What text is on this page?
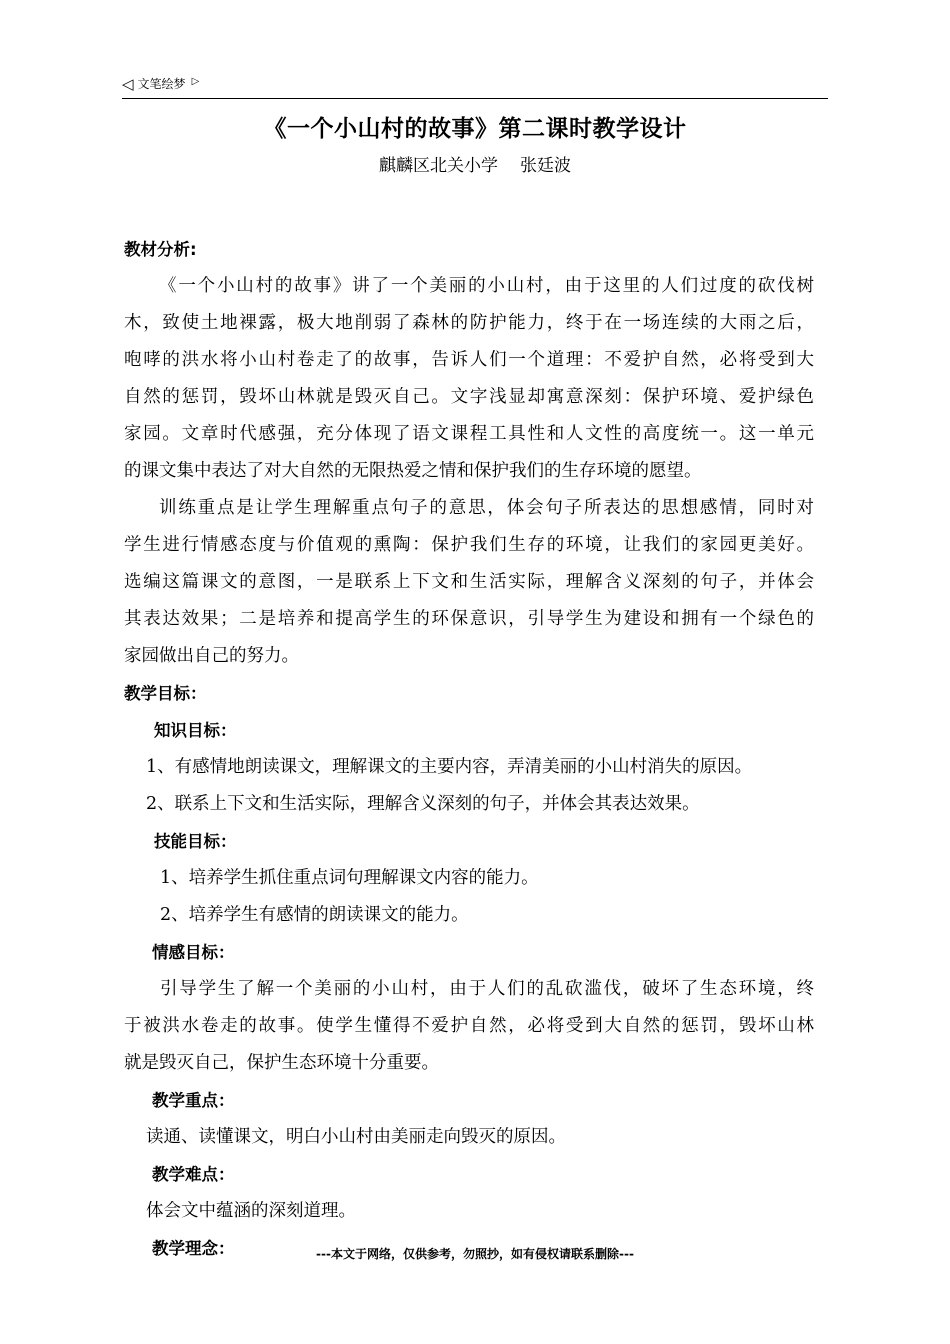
◁ 文笔绘梦 ▷
《一个小山村的故事》第二课时教学设计
麒麟区北关小学 张廷波
教材分析:
《一个小山村的故事》讲了一个美丽的小山村，由于这里的人们过度的砍伐树
木，致使土地裸露，极大地削弱了森林的防护能力，终于在一场连续的大雨之后，
咆哮的洪水将小山村卷走了的故事，告诉人们一个道理：不爱护自然，必将受到大
自然的惩罚，毁坏山林就是毁灭自己。文字浅显却寓意深刻：保护环境、爱护绿色
家园。文章时代感强，充分体现了语文课程工具性和人文性的高度统一。这一单元
的课文集中表达了对大自然的无限热爱之情和保护我们的生存环境的愿望。
训练重点是让学生理解重点句子的意思，体会句子所表达的思想感情，同时对
学生进行情感态度与价值观的熏陶：保护我们生存的环境，让我们的家园更美好。
选编这篇课文的意图，一是联系上下文和生活实际，理解含义深刻的句子，并体会
其表达效果；二是培养和提高学生的环保意识，引导学生为建设和拥有一个绿色的
家园做出自己的努力。
教学目标：
知识目标：
1、有感情地朗读课文，理解课文的主要内容，弄清美丽的小山村消失的原因。
2、联系上下文和生活实际，理解含义深刻的句子，并体会其表达效果。
技能目标：
1、培养学生抓住重点词句理解课文内容的能力。
2、培养学生有感情的朗读课文的能力。
情感目标：
引导学生了解一个美丽的小山村，由于人们的乱砍滥伐，破坏了生态环境，终
于被洪水卷走的故事。使学生懂得不爱护自然，必将受到大自然的惩罚，毁坏山林
就是毁灭自己，保护生态环境十分重要。
教学重点：
读通、读懂课文，明白小山村由美丽走向毁灭的原因。
教学难点：
体会文中蕴涵的深刻道理。
教学理念：	---本文于网络，仅供参考，勿照抄，如有侵权请联系删除---
